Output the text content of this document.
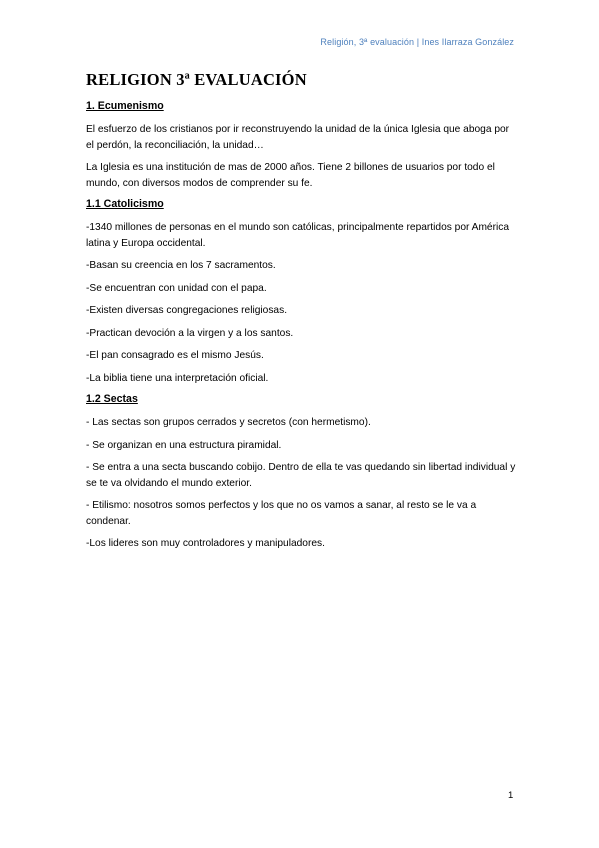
Religión, 3ª evaluación | Ines Ilarraza González
RELIGION 3ª EVALUACIÓN
1. Ecumenismo

El esfuerzo de los cristianos por ir reconstruyendo la unidad de la única Iglesia que aboga por el perdón, la reconciliación, la unidad…

La Iglesia es una institución de mas de 2000 años. Tiene 2 billones de usuarios por todo el mundo, con diversos modos de comprender su fe.

1.1 Catolicismo

-1340 millones de personas en el mundo son católicas, principalmente repartidos por América latina y Europa occidental.

-Basan su creencia en los 7 sacramentos.

-Se encuentran con unidad con el papa.

-Existen diversas congregaciones religiosas.

-Practican devoción a la virgen y a los santos.

-El pan consagrado es el mismo Jesús.

-La biblia tiene una interpretación oficial.

1.2 Sectas

- Las sectas son grupos cerrados y secretos (con hermetismo).

- Se organizan en una estructura piramidal.

- Se entra a una secta buscando cobijo. Dentro de ella te vas quedando sin libertad individual y se te va olvidando el mundo exterior.

- Etilismo: nosotros somos perfectos y los que no os vamos a sanar, al resto se le va a condenar.

-Los lideres son muy controladores y manipuladores.

1
